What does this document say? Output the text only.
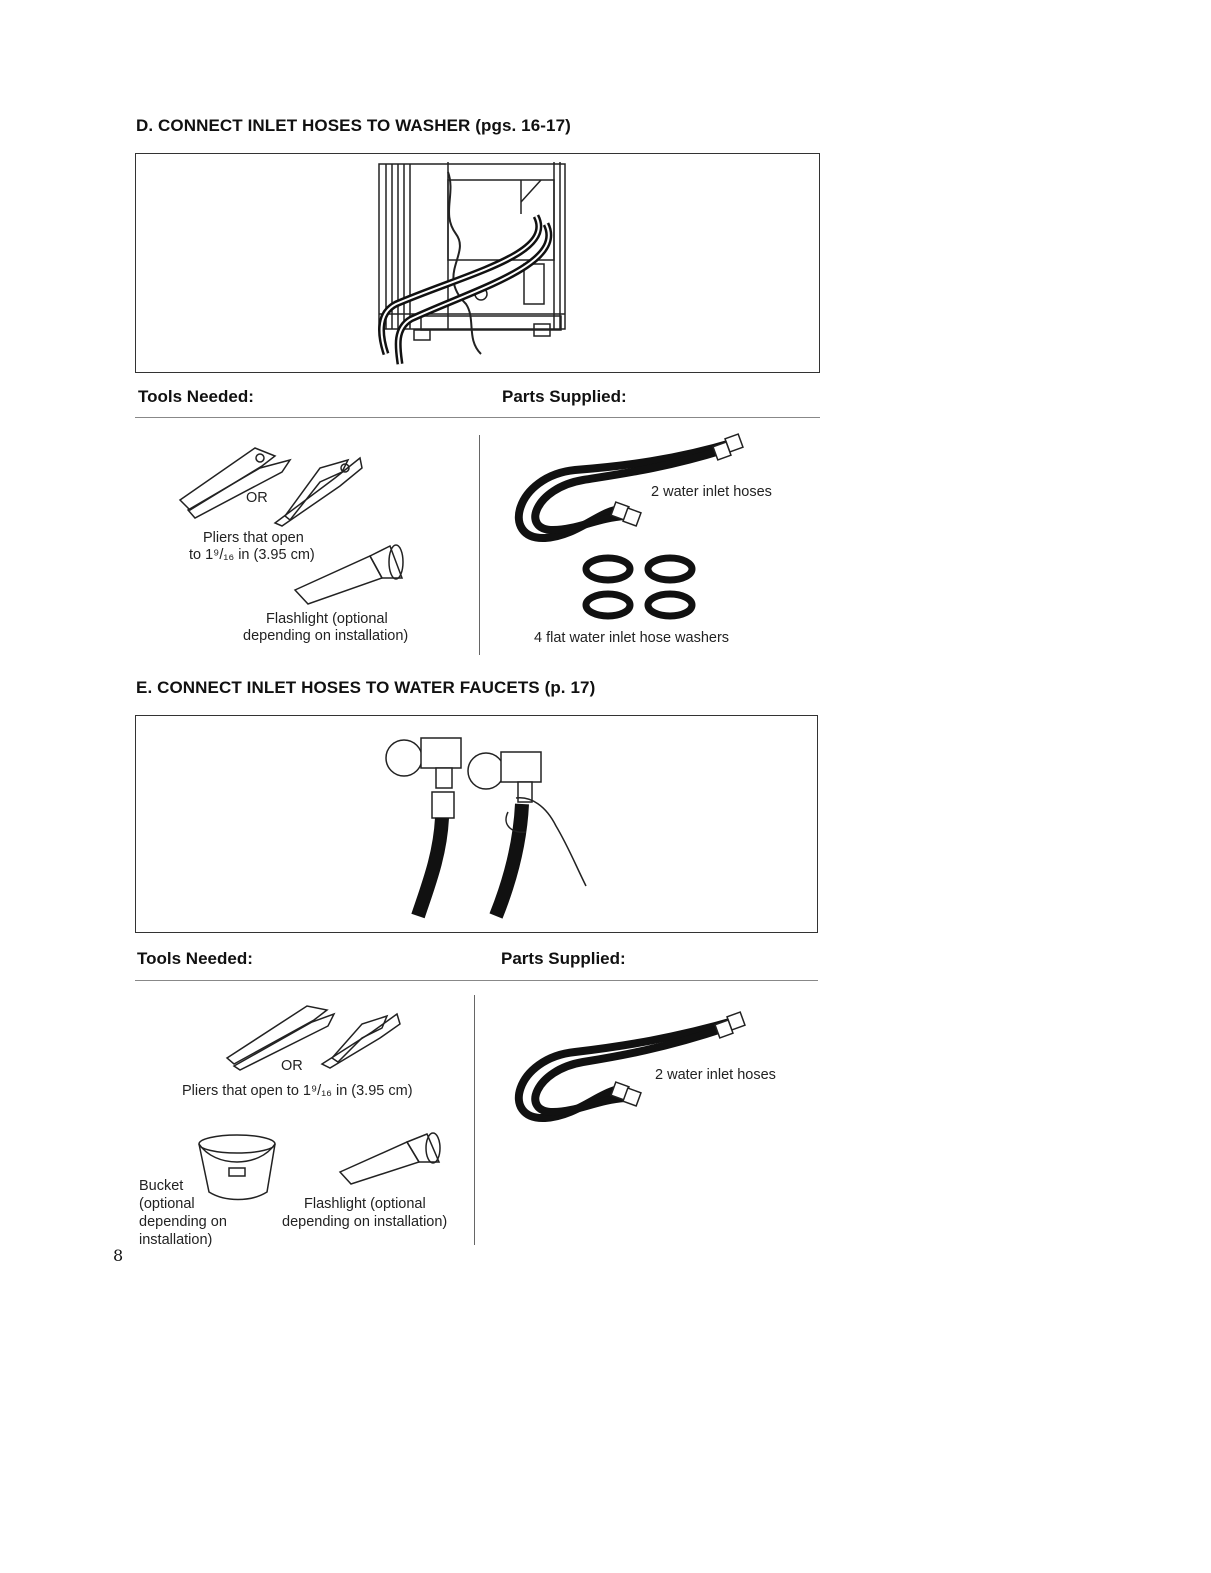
D. CONNECT INLET HOSES TO WASHER (pgs. 16-17)
Tools Needed:	Parts Supplied:
OR
Pliers that open
to 1⁹/₁₆ in (3.95 cm)
Flashlight (optional
depending on installation)
2 water inlet hoses
4 flat water inlet hose washers
E. CONNECT INLET HOSES TO WATER FAUCETS (p. 17)
Tools Needed:	Parts Supplied:
OR
Pliers that open to 1⁹/₁₆ in (3.95 cm)
Bucket
(optional
depending on
installation)
Flashlight (optional
depending on installation)
2 water inlet hoses
8
